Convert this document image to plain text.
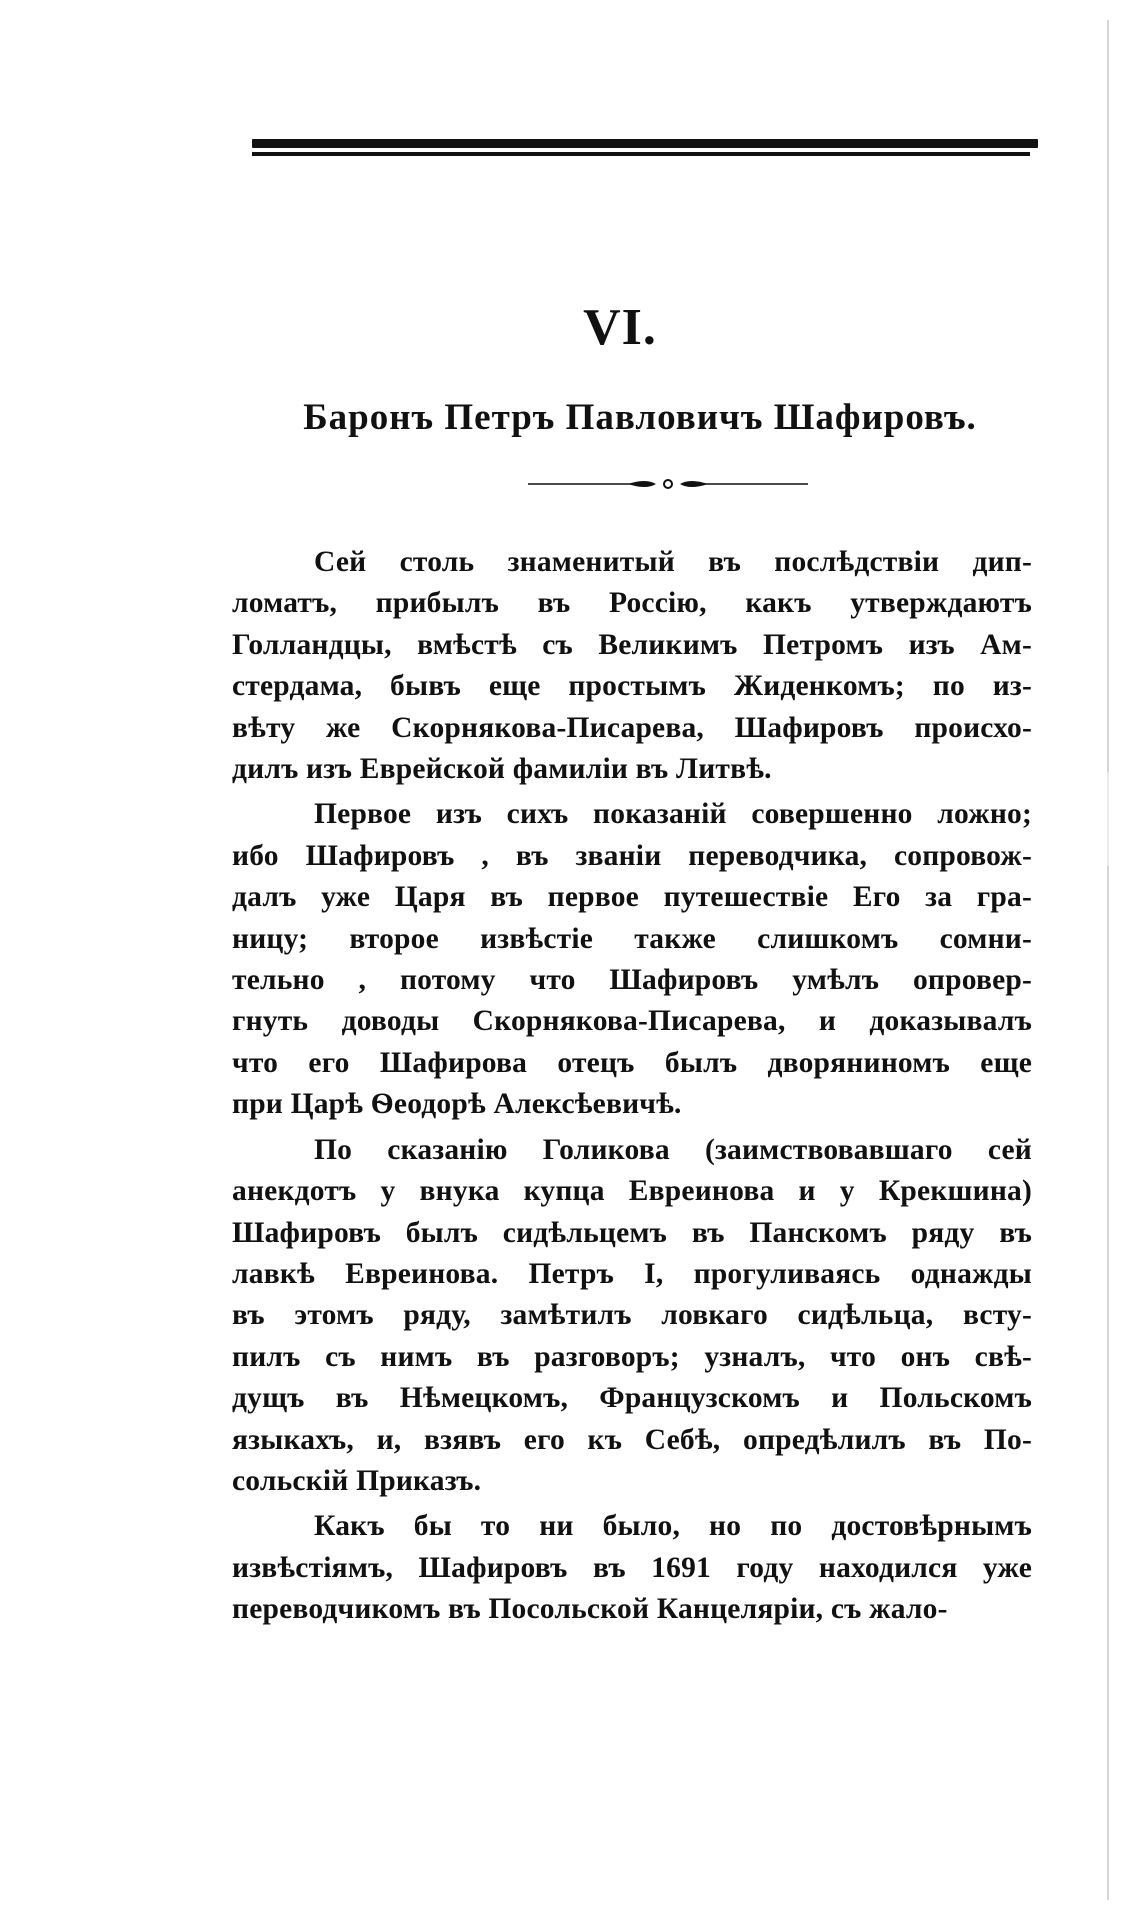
VI.
Баронъ Петръ Павловичъ Шафировъ.

Сей столь знаменитый въ послѣдствіи дип-
ломатъ, прибылъ въ Россію, какъ утверждаютъ
Голландцы, вмѣстѣ съ Великимъ Петромъ изъ Ам-
стердама, бывъ еще простымъ Жиденкомъ; по из-
вѣту же Скорнякова-Писарева, Шафировъ происхо-
дилъ изъ Еврейской фамиліи въ Литвѣ.

Первое изъ сихъ показаній совершенно ложно;
ибо Шафировъ , въ званіи переводчика, сопровож-
далъ уже Царя въ первое путешествіе Его за гра-
ницу; второе извѣстіе также слишкомъ сомни-
тельно , потому что Шафировъ умѣлъ опровер-
гнуть доводы Скорнякова-Писарева, и доказывалъ
что его Шафирова отецъ былъ дворяниномъ еще
при Царѣ Ѳеодорѣ Алексѣевичѣ.

По сказанію Голикова (заимствовавшаго сей
анекдотъ у внука купца Евреинова и у Крекшина)
Шафировъ былъ сидѣльцемъ въ Панскомъ ряду въ
лавкѣ Евреинова. Петръ I, прогуливаясь однажды
въ этомъ ряду, замѣтилъ ловкаго сидѣльца, всту-
пилъ съ нимъ въ разговоръ; узналъ, что онъ свѣ-
дущъ въ Нѣмецкомъ, Французскомъ и Польскомъ
языкахъ, и, взявъ его къ Себѣ, опредѣлилъ въ По-
сольскій Приказъ.

Какъ бы то ни было, но по достовѣрнымъ
извѣстіямъ, Шафировъ въ 1691 году находился уже
переводчикомъ въ Посольской Канцеляріи, съ жало-
